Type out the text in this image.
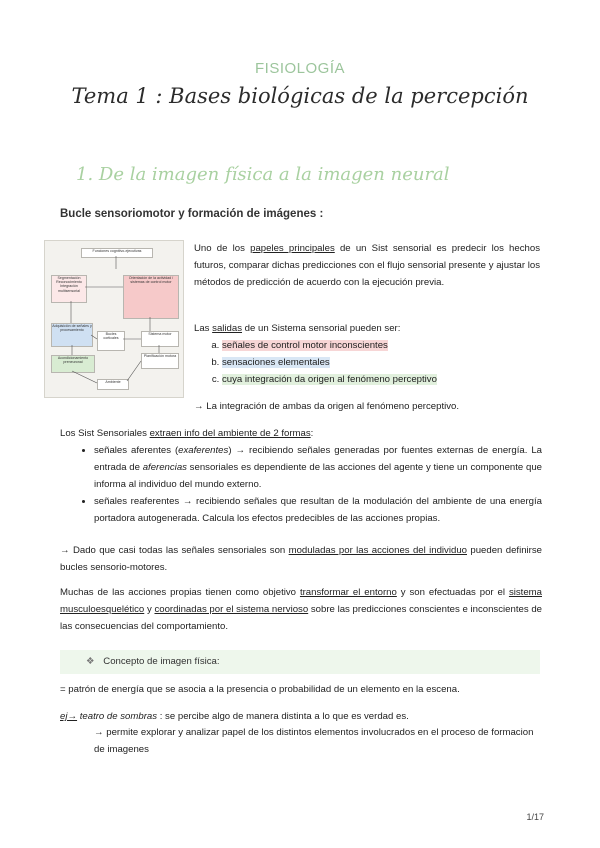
FISIOLOGÍA
Tema 1 : Bases biológicas de la percepción
1. De la imagen física a la imagen neural
Bucle sensoriomotor y formación de imágenes :
Funciones cognitivo-ejecutivas
Segmentación Reconocimiento Integración multisensorial
Orientación de la actividad / sistemas de control motor
Adquisición de señales y procesamiento
Bucles corticales
Sistema motor
Planificación motora
Acondicionamiento preneuronal
Ambiente
Uno de los papeles principales de un Sist sensorial es predecir los hechos futuros, comparar dichas predicciones con el flujo sensorial presente y ajustar los métodos de predicción de acuerdo con la ejecución previa.
Las salidas de un Sistema sensorial pueden ser:
a. señales de control motor inconscientes
b. sensaciones elementales
c. cuya integración da origen al fenómeno perceptivo
→ La integración de ambas da origen al fenómeno perceptivo.
Los Sist Sensoriales extraen info del ambiente de 2 formas:
• señales aferentes (exaferentes) → recibiendo señales generadas por fuentes externas de energía. La entrada de aferencias sensoriales es dependiente de las acciones del agente y tiene un componente que informa al individuo del mundo externo.
• señales reaferentes → recibiendo señales que resultan de la modulación del ambiente de una energía portadora autogenerada. Calcula los efectos predecibles de las acciones propias.
→ Dado que casi todas las señales sensoriales son moduladas por las acciones del individuo pueden definirse bucles sensorio-motores.
Muchas de las acciones propias tienen como objetivo transformar el entorno y son efectuadas por el sistema musculoesquelético y coordinadas por el sistema nervioso sobre las predicciones conscientes e inconscientes de las consecuencias del comportamiento.
❖ Concepto de imagen física:
= patrón de energía que se asocia a la presencia o probabilidad de un elemento en la escena.
ej→ teatro de sombras : se percibe algo de manera distinta a lo que es verdad es.
→ permite explorar y analizar papel de los distintos elementos involucrados en el proceso de formacion de imagenes
1/17
